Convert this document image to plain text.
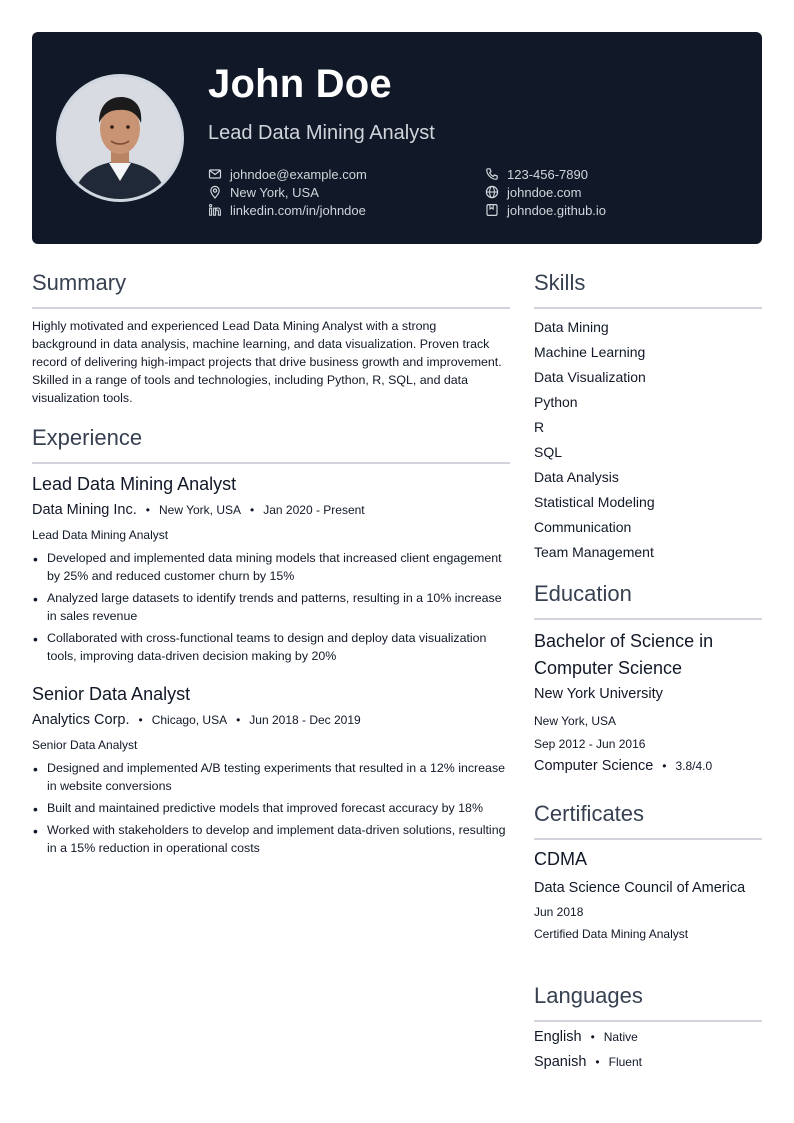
John Doe
Lead Data Mining Analyst
johndoe@example.com	123-456-7890
New York, USA	johndoe.com
linkedin.com/in/johndoe	johndoe.github.io
Summary
Highly motivated and experienced Lead Data Mining Analyst with a strong background in data analysis, machine learning, and data visualization. Proven track record of delivering high-impact projects that drive business growth and improvement. Skilled in a range of tools and technologies, including Python, R, SQL, and data visualization tools.
Experience
Lead Data Mining Analyst
Data Mining Inc. • New York, USA • Jan 2020 - Present
Lead Data Mining Analyst
• Developed and implemented data mining models that increased client engagement by 25% and reduced customer churn by 15%
• Analyzed large datasets to identify trends and patterns, resulting in a 10% increase in sales revenue
• Collaborated with cross-functional teams to design and deploy data visualization tools, improving data-driven decision making by 20%
Senior Data Analyst
Analytics Corp. • Chicago, USA • Jun 2018 - Dec 2019
Senior Data Analyst
• Designed and implemented A/B testing experiments that resulted in a 12% increase in website conversions
• Built and maintained predictive models that improved forecast accuracy by 18%
• Worked with stakeholders to develop and implement data-driven solutions, resulting in a 15% reduction in operational costs
Skills
Data Mining
Machine Learning
Data Visualization
Python
R
SQL
Data Analysis
Statistical Modeling
Communication
Team Management
Education
Bachelor of Science in Computer Science
New York University
New York, USA
Sep 2012 - Jun 2016
Computer Science • 3.8/4.0
Certificates
CDMA
Data Science Council of America
Jun 2018
Certified Data Mining Analyst
Languages
English • Native
Spanish • Fluent
